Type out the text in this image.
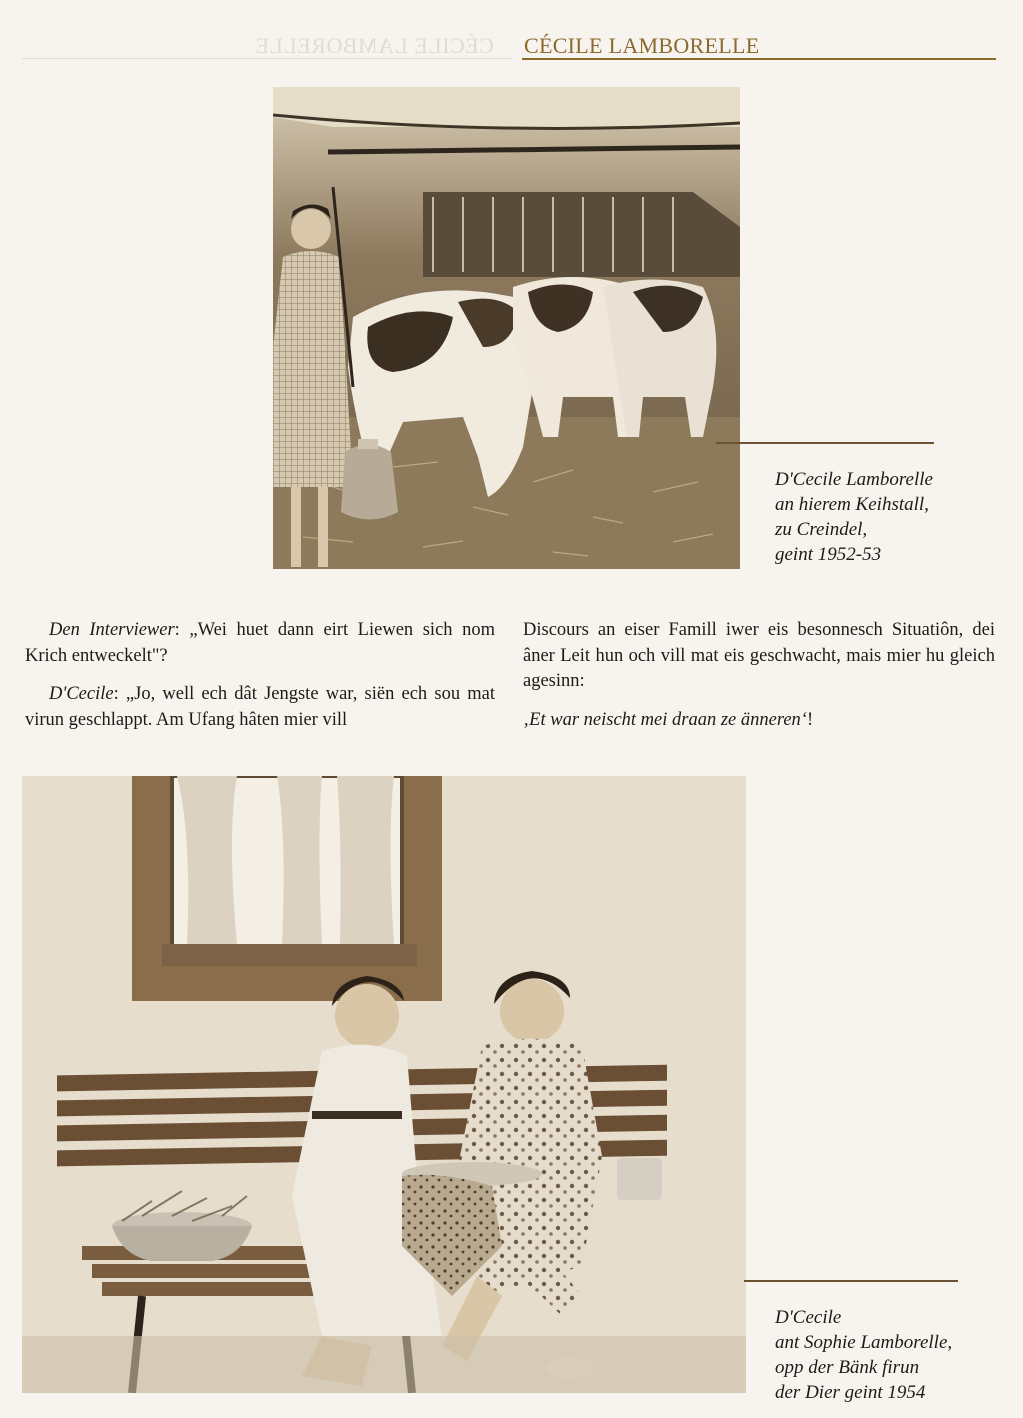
CÉCILE LAMBORELLE CÉCILE LAMBORELLE
D'Cecile Lamborelle
an hierem Keihstall,
zu Creindel,
geint 1952-53

Den Interviewer: „Wei huet dann eirt Liewen sich nom Krich entweckelt"?

D'Cecile: „Jo, well ech dât Jengste war, siën ech sou mat virun geschlappt. Am Ufang hâten mier vill

Discours an eiser Famill iwer eis besonnesch Situatiôn, dei âner Leit hun och vill mat eis geschwacht, mais mier hu gleich agesinn:

‚Et war neischt mei draan ze änneren‘!

D'Cecile
ant Sophie Lamborelle,
opp der Bänk firun
der Dier geint 1954
